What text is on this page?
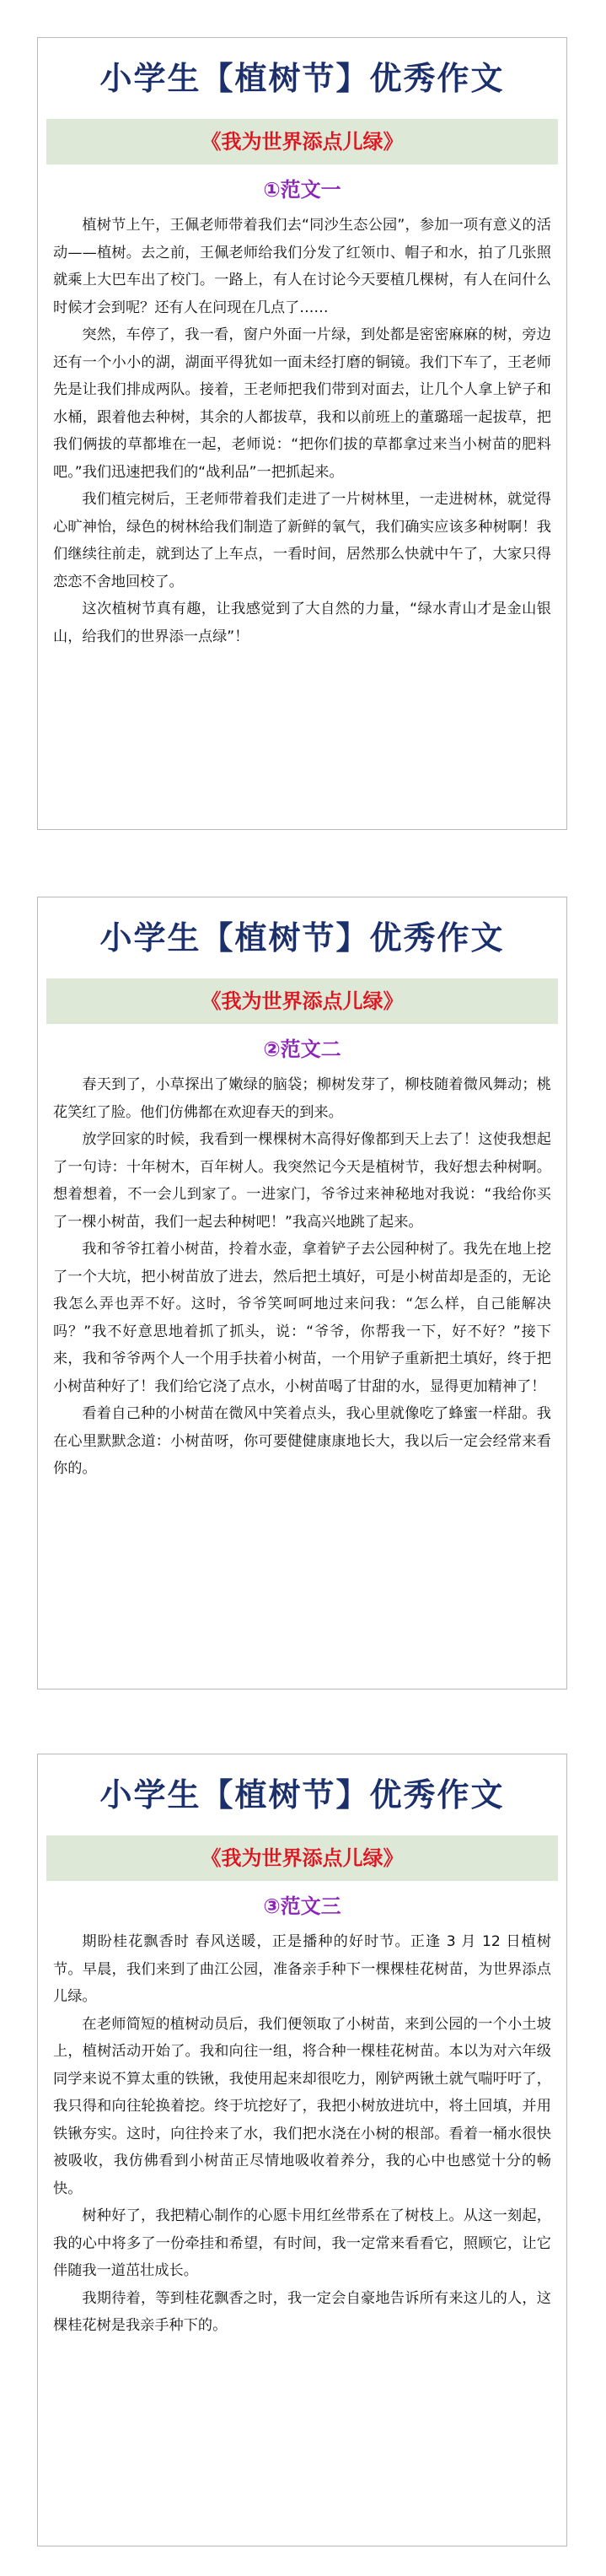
小学生【植树节】优秀作文
《我为世界添点儿绿》
①范文一

植树节上午，王佩老师带着我们去“同沙生态公园”，参加一项有意义的活动——植树。去之前，王佩老师给我们分发了红领巾、帽子和水，拍了几张照就乘上大巴车出了校门。一路上，有人在讨论今天要植几棵树，有人在问什么时候才会到呢？还有人在问现在几点了……

突然，车停了，我一看，窗户外面一片绿，到处都是密密麻麻的树，旁边还有一个小小的湖，湖面平得犹如一面未经打磨的铜镜。我们下车了，王老师先是让我们排成两队。接着，王老师把我们带到对面去，让几个人拿上铲子和水桶，跟着他去种树，其余的人都拔草，我和以前班上的董璐瑶一起拔草，把我们俩拔的草都堆在一起，老师说：“把你们拔的草都拿过来当小树苗的肥料吧。”我们迅速把我们的“战利品”一把抓起来。

我们植完树后，王老师带着我们走进了一片树林里，一走进树林，就觉得心旷神怡，绿色的树林给我们制造了新鲜的氧气，我们确实应该多种树啊！我们继续往前走，就到达了上车点，一看时间，居然那么快就中午了，大家只得恋恋不舍地回校了。

这次植树节真有趣，让我感觉到了大自然的力量，“绿水青山才是金山银山，给我们的世界添一点绿”！

小学生【植树节】优秀作文
《我为世界添点儿绿》
②范文二

春天到了，小草探出了嫩绿的脑袋；柳树发芽了，柳枝随着微风舞动；桃花笑红了脸。他们仿佛都在欢迎春天的到来。

放学回家的时候，我看到一棵棵树木高得好像都到天上去了！这使我想起了一句诗：十年树木，百年树人。我突然记今天是植树节，我好想去种树啊。想着想着，不一会儿到家了。一进家门，爷爷过来神秘地对我说：“我给你买了一棵小树苗，我们一起去种树吧！”我高兴地跳了起来。

我和爷爷扛着小树苗，拎着水壶，拿着铲子去公园种树了。我先在地上挖了一个大坑，把小树苗放了进去，然后把土填好，可是小树苗却是歪的，无论我怎么弄也弄不好。这时，爷爷笑呵呵地过来问我：“怎么样，自己能解决吗？”我不好意思地着抓了抓头，说：“爷爷，你帮我一下，好不好？”接下来，我和爷爷两个人一个用手扶着小树苗，一个用铲子重新把土填好，终于把小树苗种好了！我们给它浇了点水，小树苗喝了甘甜的水，显得更加精神了！

看着自己种的小树苗在微风中笑着点头，我心里就像吃了蜂蜜一样甜。我在心里默默念道：小树苗呀，你可要健健康康地长大，我以后一定会经常来看你的。

小学生【植树节】优秀作文
《我为世界添点儿绿》
③范文三

期盼桂花飘香时 春风送暖，正是播种的好时节。正逢 3 月 12 日植树节。早晨，我们来到了曲江公园，准备亲手种下一棵棵桂花树苗，为世界添点儿绿。

在老师简短的植树动员后，我们便领取了小树苗，来到公园的一个小土坡上，植树活动开始了。我和向往一组，将合种一棵桂花树苗。本以为对六年级同学来说不算太重的铁锹，我使用起来却很吃力，刚铲两锹土就气喘吁吁了，我只得和向往轮换着挖。终于坑挖好了，我把小树放进坑中，将土回填，并用铁锹夯实。这时，向往拎来了水，我们把水浇在小树的根部。看着一桶水很快被吸收，我仿佛看到小树苗正尽情地吸收着养分，我的心中也感觉十分的畅快。

树种好了，我把精心制作的心愿卡用红丝带系在了树枝上。从这一刻起，我的心中将多了一份牵挂和希望，有时间，我一定常来看看它，照顾它，让它伴随我一道茁壮成长。

我期待着，等到桂花飘香之时，我一定会自豪地告诉所有来这儿的人，这棵桂花树是我亲手种下的。
